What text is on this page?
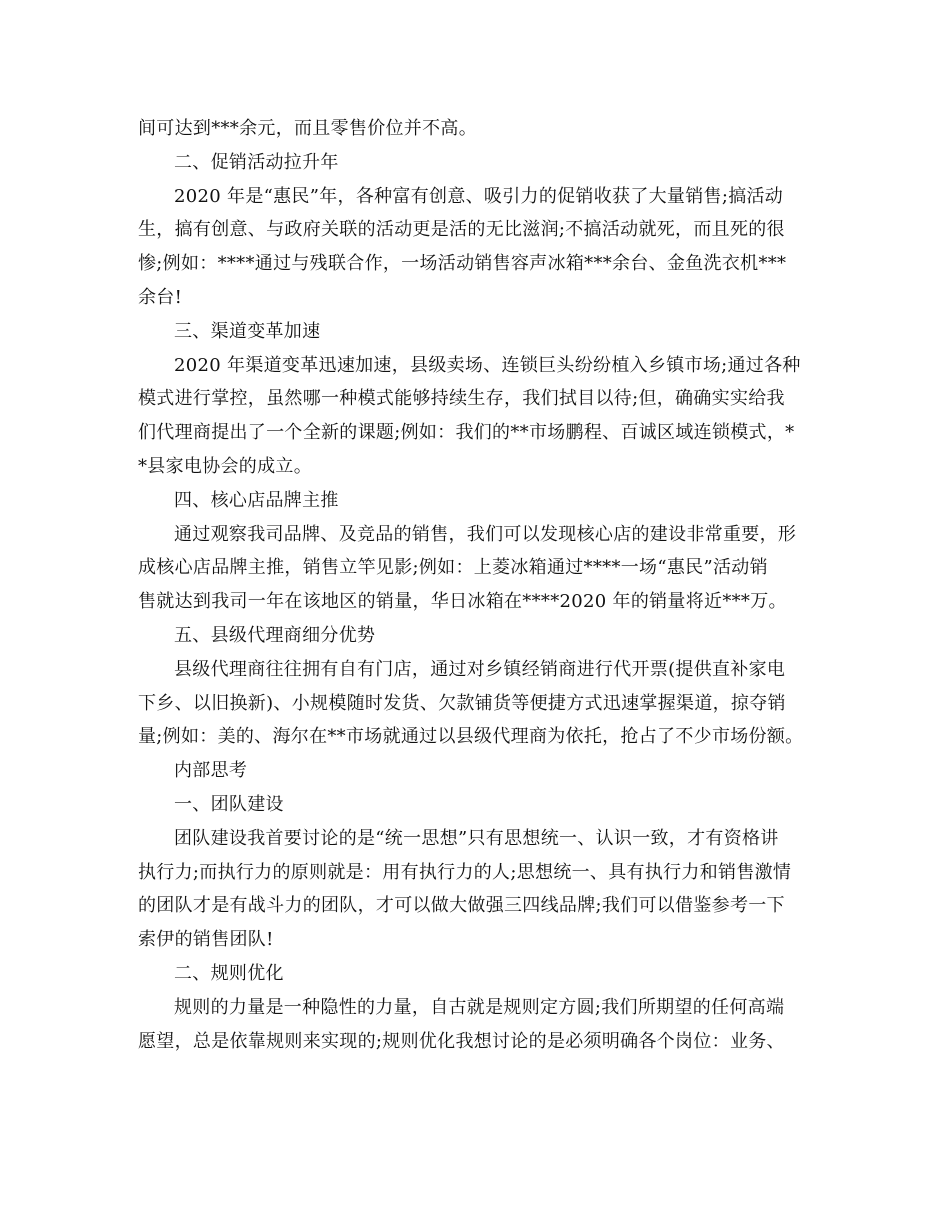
间可达到***余元，而且零售价位并不高。
二、促销活动拉升年
2020 年是“惠民”年，各种富有创意、吸引力的促销收获了大量销售;搞活动
生，搞有创意、与政府关联的活动更是活的无比滋润;不搞活动就死，而且死的很
惨;例如：****通过与残联合作，一场活动销售容声冰箱***余台、金鱼洗衣机***
余台!
三、渠道变革加速
2020 年渠道变革迅速加速，县级卖场、连锁巨头纷纷植入乡镇市场;通过各种
模式进行掌控，虽然哪一种模式能够持续生存，我们拭目以待;但，确确实实给我
们代理商提出了一个全新的课题;例如：我们的**市场鹏程、百诚区域连锁模式，*
*县家电协会的成立。
四、核心店品牌主推
通过观察我司品牌、及竞品的销售，我们可以发现核心店的建设非常重要，形
成核心店品牌主推，销售立竿见影;例如：上菱冰箱通过****一场“惠民”活动销
售就达到我司一年在该地区的销量，华日冰箱在****2020 年的销量将近***万。
五、县级代理商细分优势
县级代理商往往拥有自有门店，通过对乡镇经销商进行代开票(提供直补家电
下乡、以旧换新)、小规模随时发货、欠款铺货等便捷方式迅速掌握渠道，掠夺销
量;例如：美的、海尔在**市场就通过以县级代理商为依托，抢占了不少市场份额。
内部思考
一、团队建设
团队建设我首要讨论的是“统一思想”只有思想统一、认识一致，才有资格讲
执行力;而执行力的原则就是：用有执行力的人;思想统一、具有执行力和销售激情
的团队才是有战斗力的团队，才可以做大做强三四线品牌;我们可以借鉴参考一下
索伊的销售团队!
二、规则优化
规则的力量是一种隐性的力量，自古就是规则定方圆;我们所期望的任何高端
愿望，总是依靠规则来实现的;规则优化我想讨论的是必须明确各个岗位：业务、
